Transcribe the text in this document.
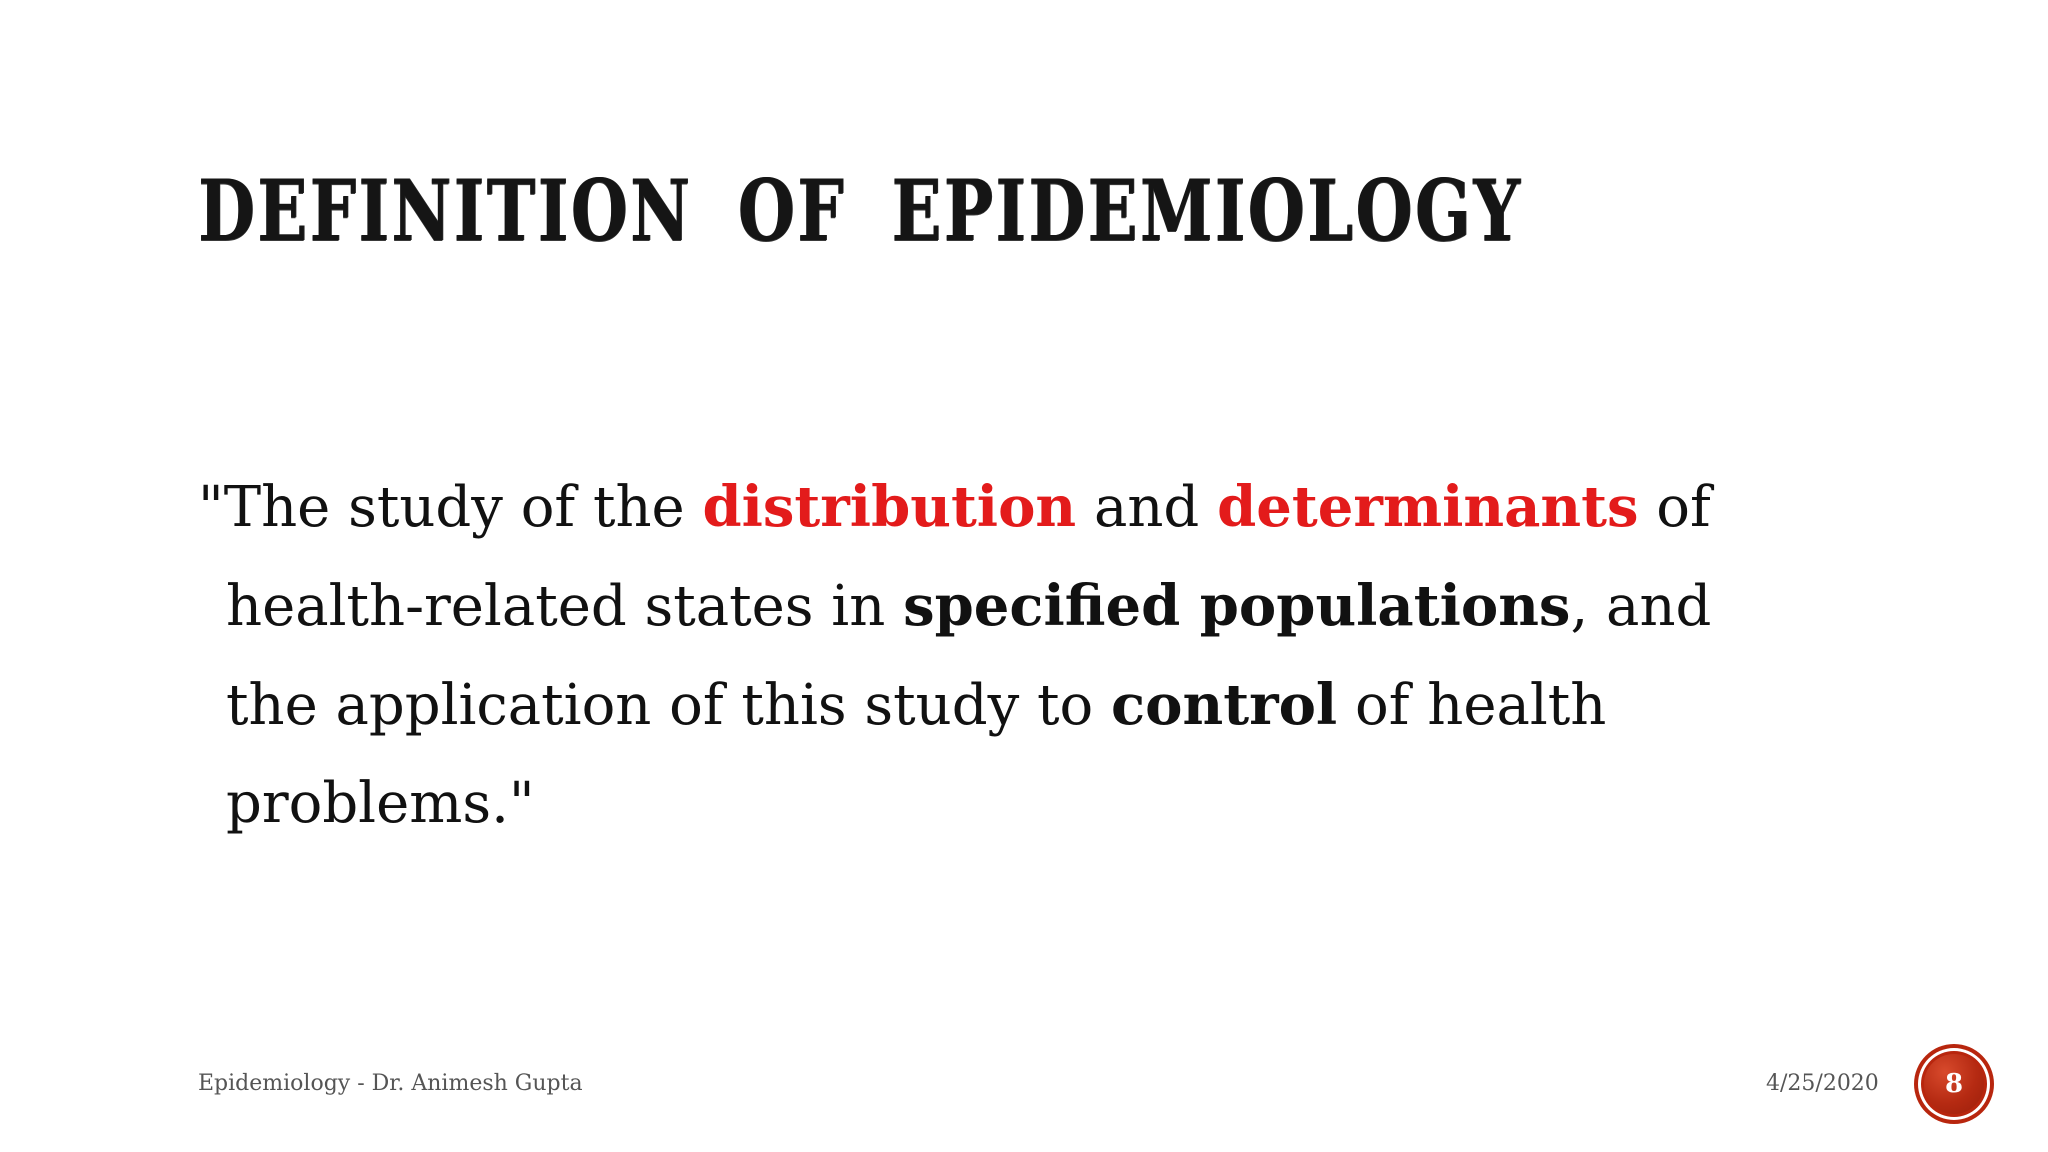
DEFINITION OF EPIDEMIOLOGY
"The study of the distribution and determinants of
health-related states in specified populations, and
the application of this study to control of health
problems."
Epidemiology - Dr. Animesh Gupta	4/25/2020	8
